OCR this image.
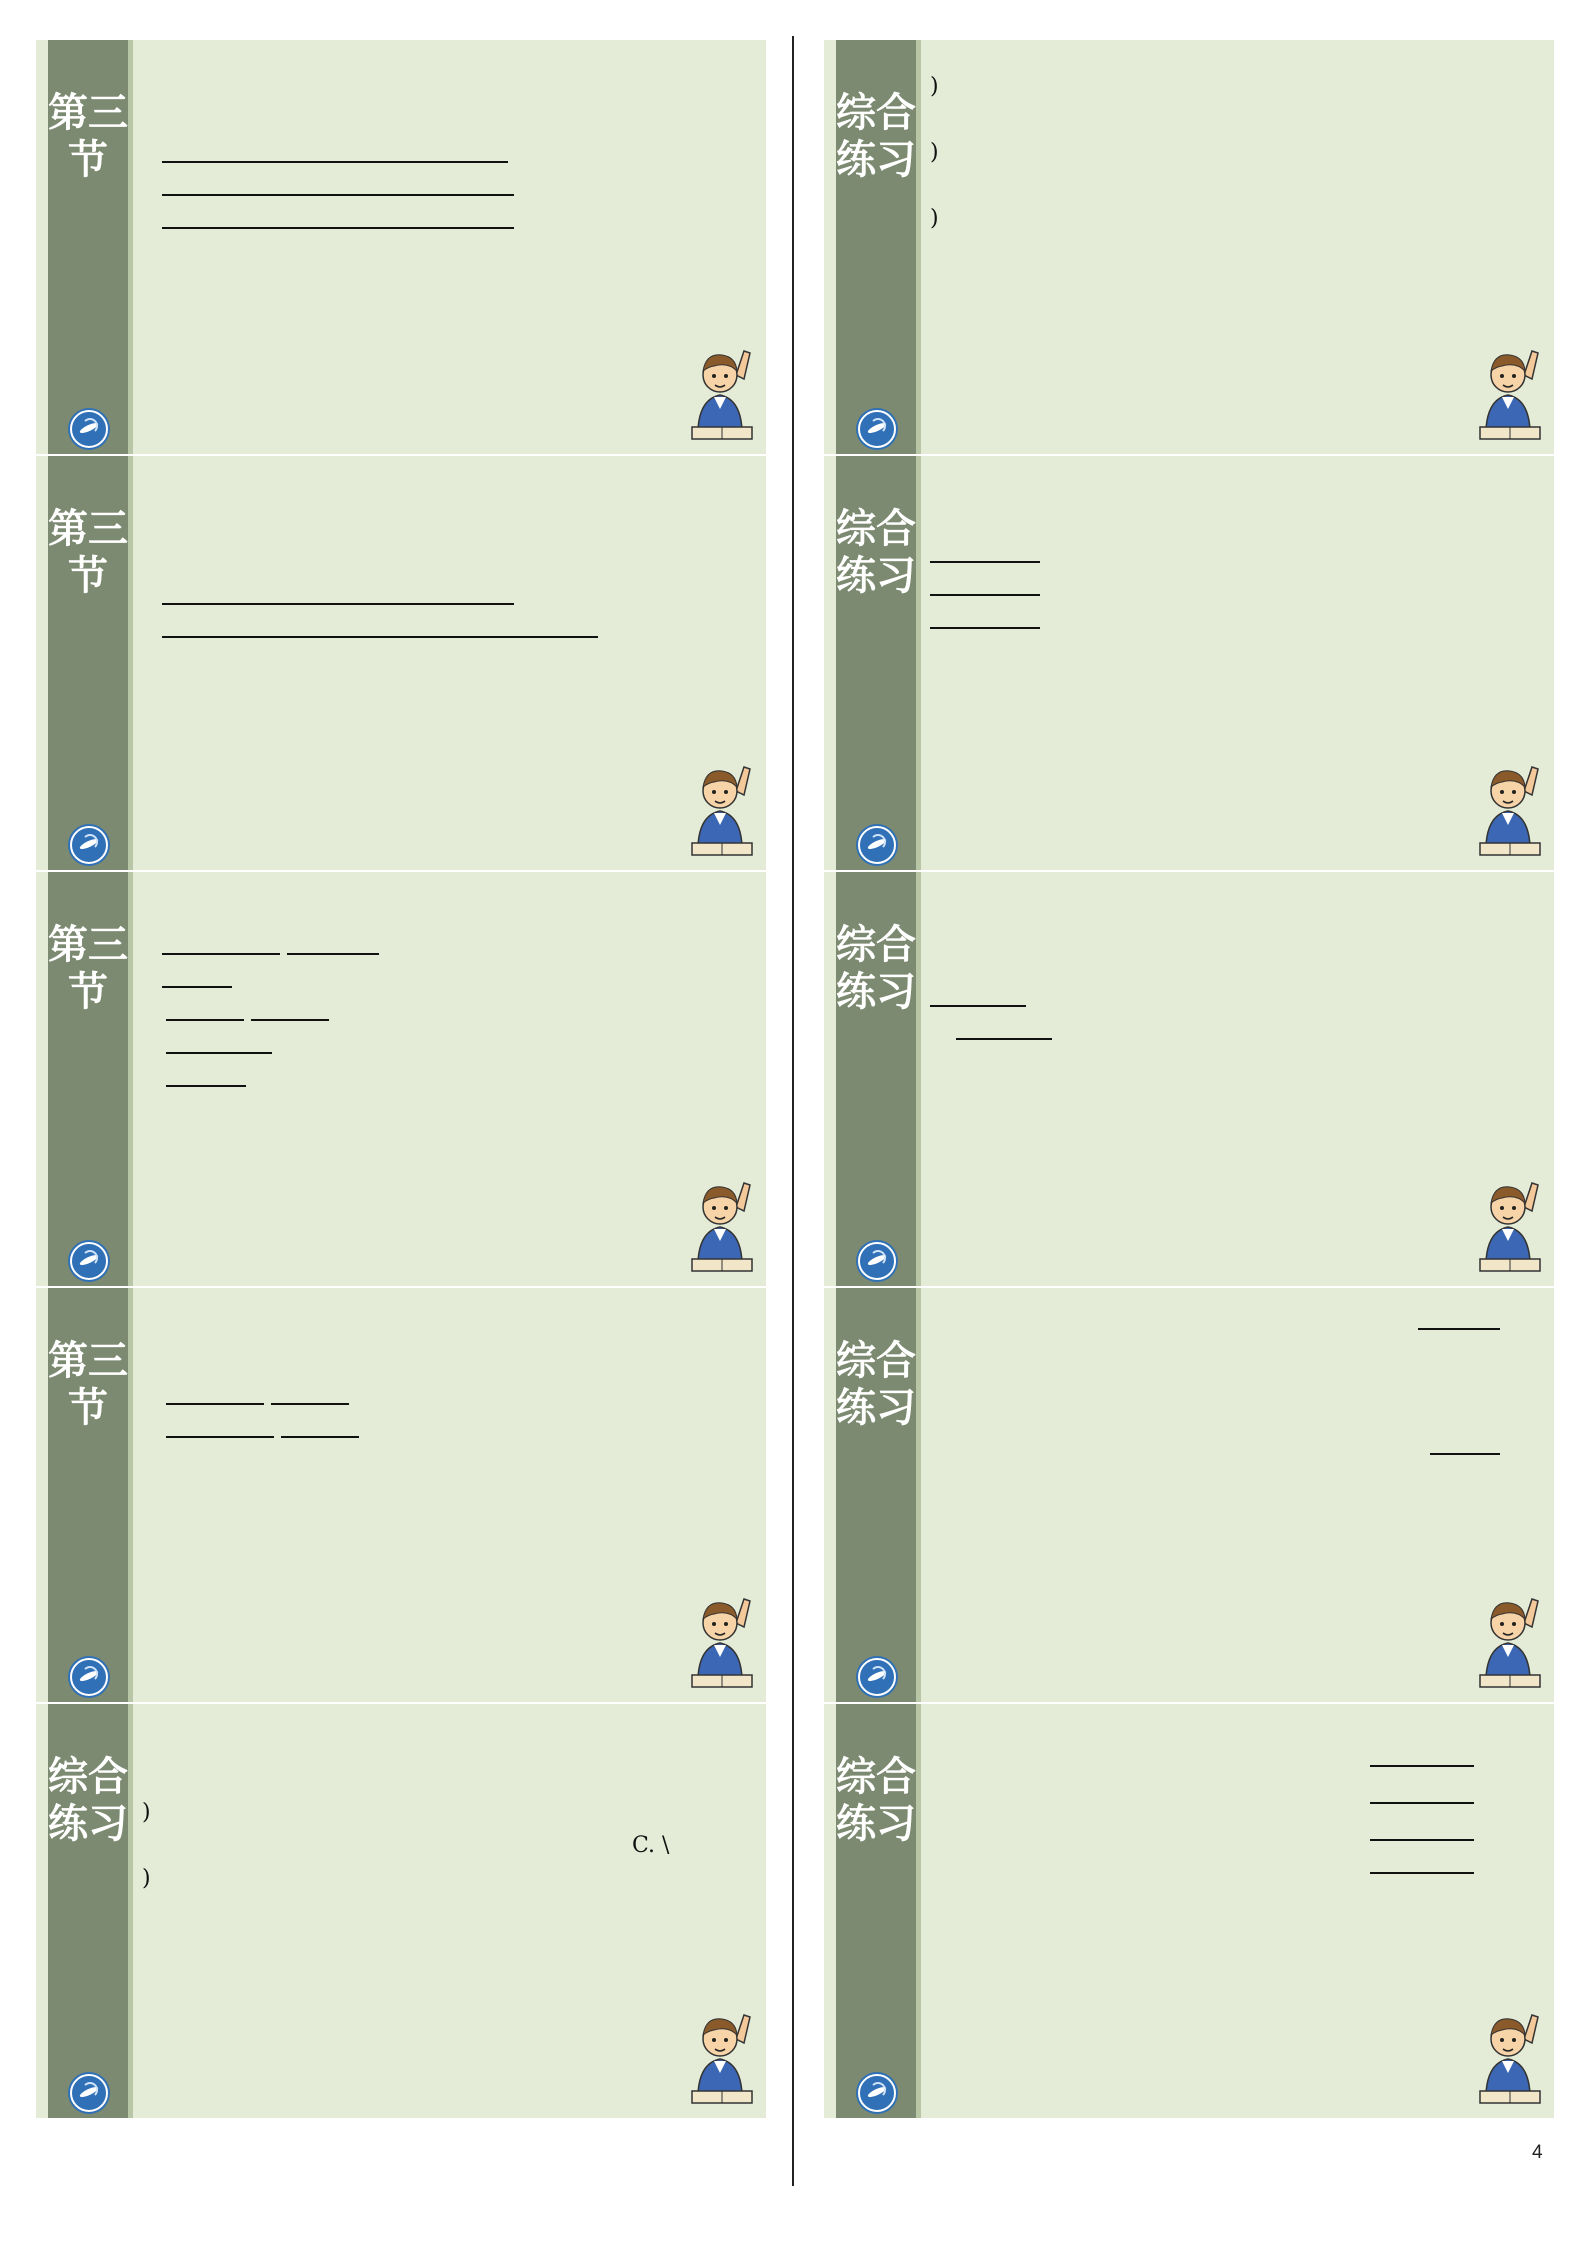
第三节
综合练习
)
)
)
第三节
综合练习
第三节

综合练习
第三节

综合练习
综合练习 )
C. \
)
综合练习
4
